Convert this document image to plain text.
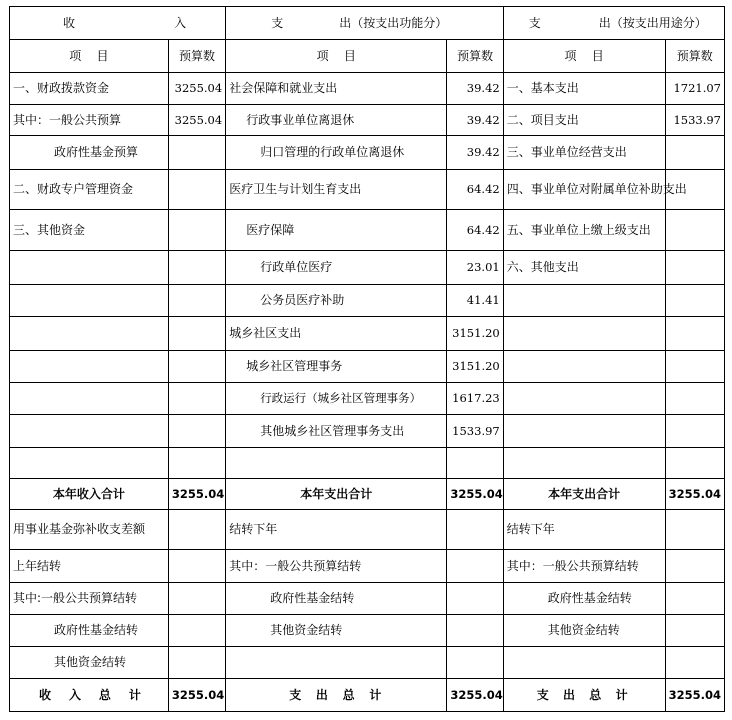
收 入		支 出 （按支出功能分）		支 出 （按支出用途分）	

项    目	预算数	项    目	预算数	项    目	预算数
一、财政拨款资金	3255.04	社会保障和就业支出	39.42	一、基本支出	1721.07
其中：一般公共预算	3255.04	行政事业单位离退休	39.42	二、项目支出	1533.97
政府性基金预算		归口管理的行政单位离退休	39.42	三、事业单位经营支出	
二、财政专户管理资金		医疗卫生与计划生育支出	64.42	四、事业单位对附属单位补助支出	
三、其他资金		医疗保障	64.42	五、事业单位上缴上级支出	
		行政单位医疗	23.01	六、其他支出	
		公务员医疗补助	41.41		
		城乡社区支出	3151.20		
		城乡社区管理事务	3151.20		
		行政运行（城乡社区管理事务）	1617.23		
		其他城乡社区管理事务支出	1533.97		

本年收入合计	3255.04	本年支出合计	3255.04	本年支出合计	3255.04
用事业基金弥补收支差额		结转下年		结转下年	
上年结转		其中：一般公共预算结转		其中：一般公共预算结转	
其中:一般公共预算结转		政府性基金结转		政府性基金结转	
政府性基金结转		其他资金结转		其他资金结转	
其他资金结转					

收 入 总 计	3255.04	支 出 总 计	3255.04	支 出 总 计	3255.04
